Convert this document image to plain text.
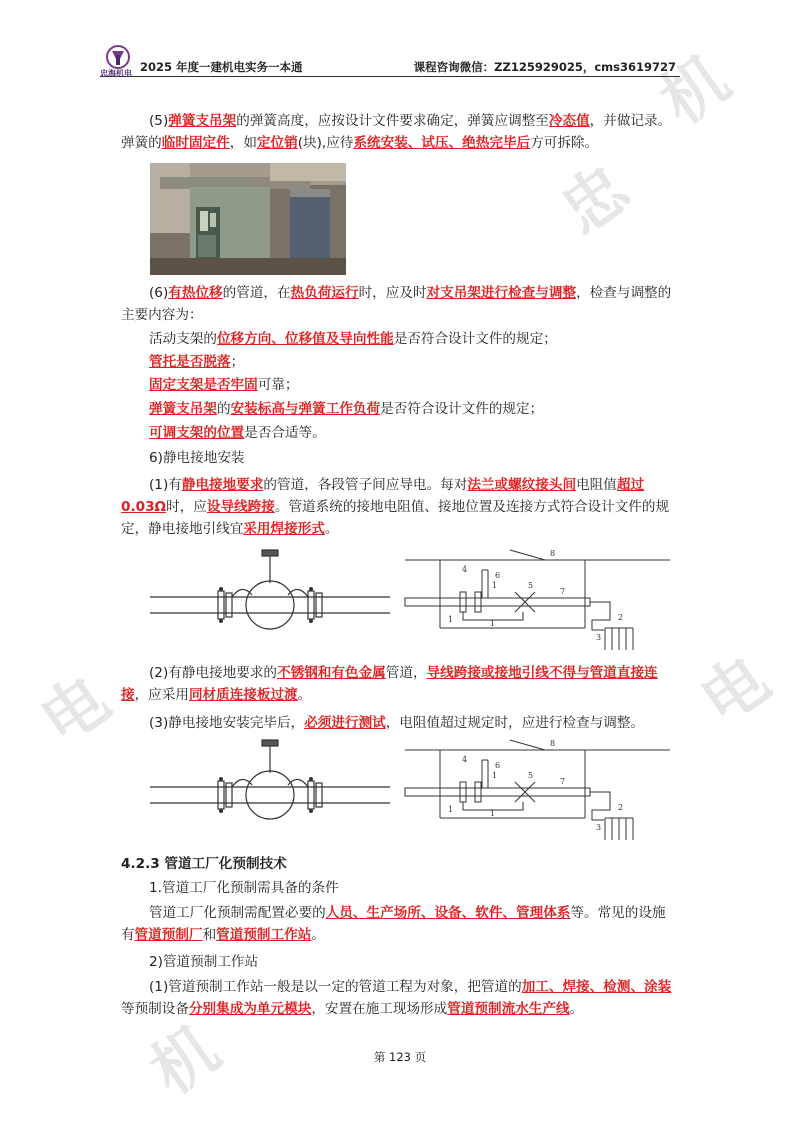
忠
机
电
电
机
忠海机电 2025 年度一建机电实务一本通	课程咨询微信：ZZ125929025，cms3619727
(5)弹簧支吊架的弹簧高度，应按设计文件要求确定，弹簧应调整至冷态值，并做记录。弹簧的临时固定件，如定位销(块),应待系统安装、试压、绝热完毕后方可拆除。
(6)有热位移的管道，在热负荷运行时，应及时对支吊架进行检查与调整，检查与调整的主要内容为：
活动支架的位移方向、位移值及导向性能是否符合设计文件的规定；
管托是否脱落；
固定支架是否牢固可靠；
弹簧支吊架的安装标高与弹簧工作负荷是否符合设计文件的规定；
可调支架的位置是否合适等。
6)静电接地安装
(1)有静电接地要求的管道，各段管子间应导电。每对法兰或螺纹接头间电阻值超过0.03Ω时，应设导线跨接。管道系统的接地电阻值、接地位置及连接方式符合设计文件的规定，静电接地引线宜采用焊接形式。
4
6
5
7
8
1	1
1
2
3
(2)有静电接地要求的不锈钢和有色金属管道，导线跨接或接地引线不得与管道直接连接，应采用同材质连接板过渡。
(3)静电接地安装完毕后，必须进行测试，电阻值超过规定时，应进行检查与调整。
4
6
5
7
8
1	1
1
2
3
4.2.3 管道工厂化预制技术
1.管道工厂化预制需具备的条件
管道工厂化预制需配置必要的人员、生产场所、设备、软件、管理体系等。常见的设施有管道预制厂和管道预制工作站。
2)管道预制工作站
(1)管道预制工作站一般是以一定的管道工程为对象，把管道的加工、焊接、检测、涂装等预制设备分别集成为单元模块，安置在施工现场形成管道预制流水生产线。
第 123 页
